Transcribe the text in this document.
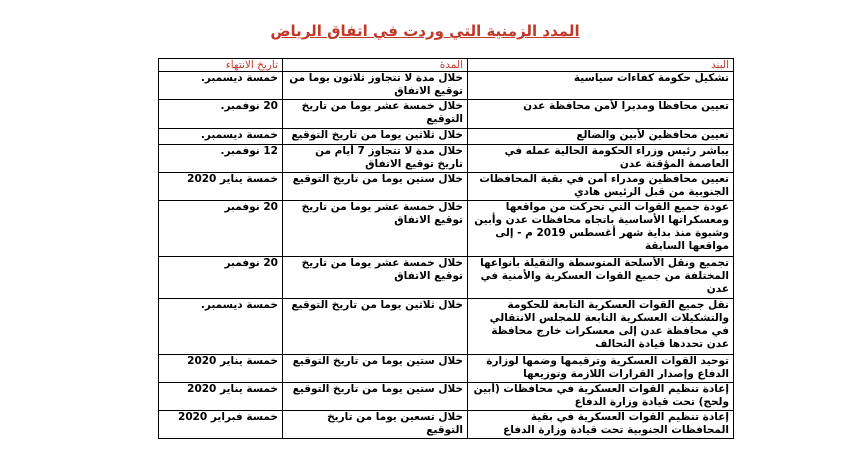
المدد الزمنية التي وردت في اتفاق الرياض
البند	المدة	تاريخ الانتهاء
تشكيل حكومة كفاءات سياسية	خلال مدة لا تتجاوز ثلاثون يوما من توقيع الاتفاق	خمسة ديسمبر.
تعيين محافظا ومديرا لأمن محافظة عدن	خلال خمسة عشر يوما من تاريخ التوقيع	20 نوفمبر.
تعيين محافظين لأبين والضالع	خلال ثلاثين يوما من تاريخ التوقيع	خمسة ديسمبر.
يباشر رئيس وزراء الحكومة الحالية عمله في العاصمة المؤقتة عدن	خلال مدة لا تتجاوز 7 أيام من تاريخ توقيع الاتفاق	12 نوفمبر.
تعيين محافظين ومدراء أمن في بقية المحافظات الجنوبية من قبل الرئيس هادي	خلال ستين يوما من تاريخ التوقيع	خمسة يناير 2020
عودة جميع القوات التي تحركت من مواقعها ومعسكراتها الأساسية باتجاه محافظات عدن وأبين وشبوة منذ بداية شهر أغسطس 2019 م - إلى مواقعها السابقة	خلال خمسة عشر يوما من تاريخ توقيع الاتفاق	20 نوفمبر
تجميع ونقل الأسلحة المتوسطة والثقيلة بأنواعها المختلفة من جميع القوات العسكرية والأمنية في عدن	خلال خمسة عشر يوما من تاريخ توقيع الاتفاق	20 نوفمبر
نقل جميع القوات العسكرية التابعة للحكومة والتشكيلات العسكرية التابعة للمجلس الانتقالي في محافظة عدن إلى معسكرات خارج محافظة عدن تحددها قيادة التحالف	خلال ثلاثين يوما من تاريخ التوقيع	خمسة ديسمبر.
توحيد القوات العسكرية وترقيمها وضمها لوزارة الدفاع وإصدار القرارات اللازمة وتوزيعها	خلال ستين يوما من تاريخ التوقيع	خمسة يناير 2020
إعادة تنظيم القوات العسكرية في محافظات (أبين ولحج) تحت قيادة وزارة الدفاع	خلال ستين يوما من تاريخ التوقيع	خمسة يناير 2020
إعادة تنظيم القوات العسكرية في بقية المحافظات الجنوبية تحت قيادة وزارة الدفاع	خلال تسعين يوما من تاريخ التوقيع	خمسة فبراير 2020
